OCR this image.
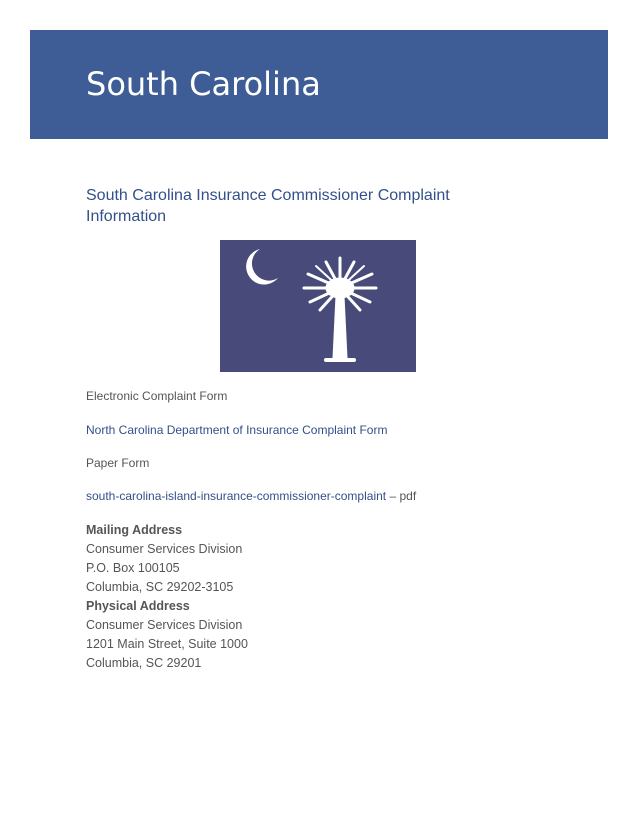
South Carolina

South Carolina Insurance Commissioner Complaint Information

Electronic Complaint Form
North Carolina Department of Insurance Complaint Form
Paper Form
south-carolina-island-insurance-commissioner-complaint – pdf
Mailing Address
Consumer Services Division
P.O. Box 100105
Columbia, SC 29202-3105
Physical Address
Consumer Services Division
1201 Main Street, Suite 1000
Columbia, SC 29201
